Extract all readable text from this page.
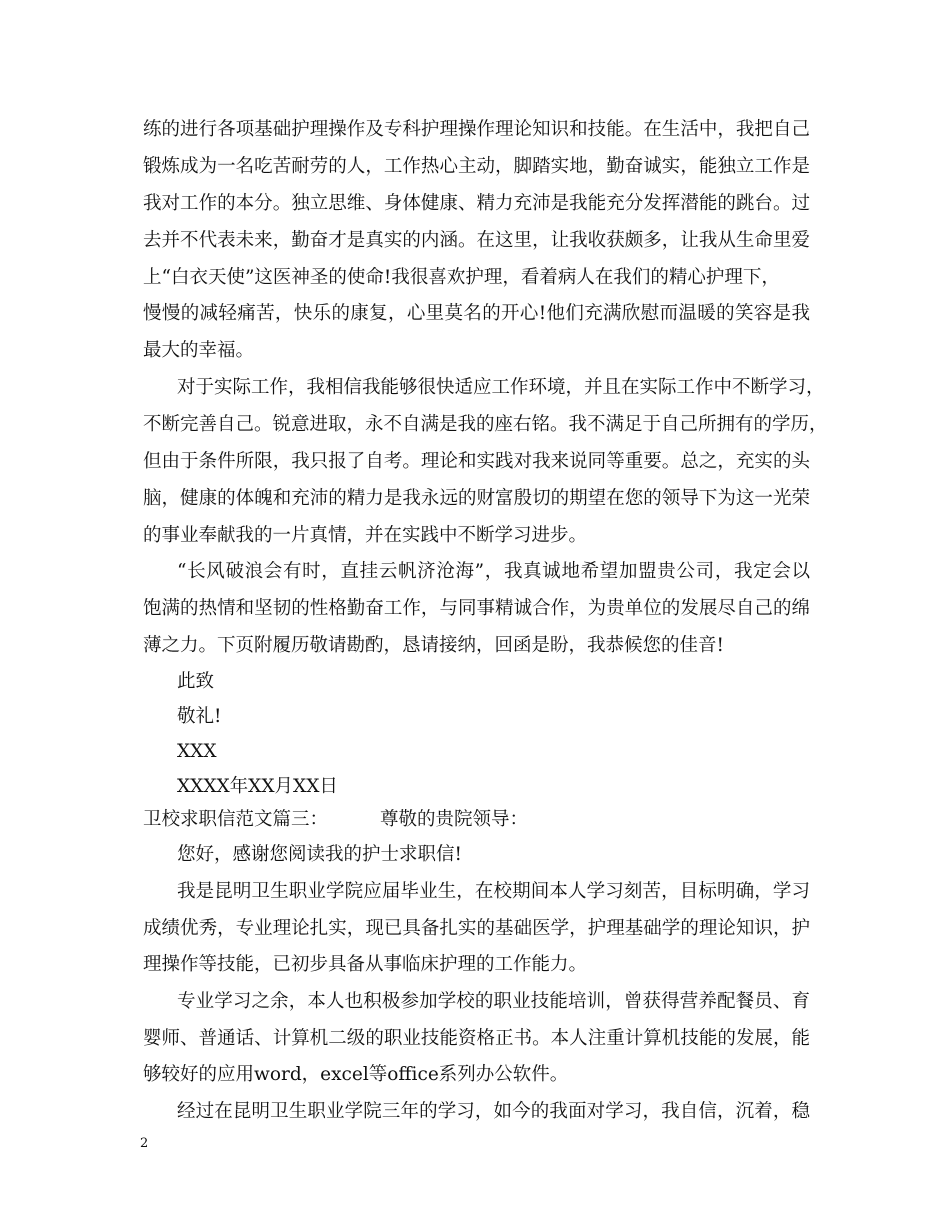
练的进行各项基础护理操作及专科护理操作理论知识和技能。在生活中，我把自己
锻炼成为一名吃苦耐劳的人，工作热心主动，脚踏实地，勤奋诚实，能独立工作是
我对工作的本分。独立思维、身体健康、精力充沛是我能充分发挥潜能的跳台。过
去并不代表未来，勤奋才是真实的内涵。在这里，让我收获颇多，让我从生命里爱
上“白衣天使”这医神圣的使命!我很喜欢护理，看着病人在我们的精心护理下，
慢慢的减轻痛苦，快乐的康复，心里莫名的开心!他们充满欣慰而温暖的笑容是我
最大的幸福。
对于实际工作，我相信我能够很快适应工作环境，并且在实际工作中不断学习，
不断完善自己。锐意进取，永不自满是我的座右铭。我不满足于自己所拥有的学历，
但由于条件所限，我只报了自考。理论和实践对我来说同等重要。总之，充实的头
脑，健康的体魄和充沛的精力是我永远的财富殷切的期望在您的领导下为这一光荣
的事业奉献我的一片真情，并在实践中不断学习进步。
“长风破浪会有时，直挂云帆济沧海”，我真诚地希望加盟贵公司，我定会以
饱满的热情和坚韧的性格勤奋工作，与同事精诚合作，为贵单位的发展尽自己的绵
薄之力。下页附履历敬请勘酌，恳请接纳，回函是盼，我恭候您的佳音!
此致
敬礼!
XXX
XXXX年XX月XX日
卫校求职信范文篇三：	尊敬的贵院领导：
您好，感谢您阅读我的护士求职信!
我是昆明卫生职业学院应届毕业生，在校期间本人学习刻苦，目标明确，学习
成绩优秀，专业理论扎实，现已具备扎实的基础医学，护理基础学的理论知识，护
理操作等技能，已初步具备从事临床护理的工作能力。
专业学习之余，本人也积极参加学校的职业技能培训，曾获得营养配餐员、育
婴师、普通话、计算机二级的职业技能资格正书。本人注重计算机技能的发展，能
够较好的应用word，excel等office系列办公软件。
经过在昆明卫生职业学院三年的学习，如今的我面对学习，我自信，沉着，稳
2
